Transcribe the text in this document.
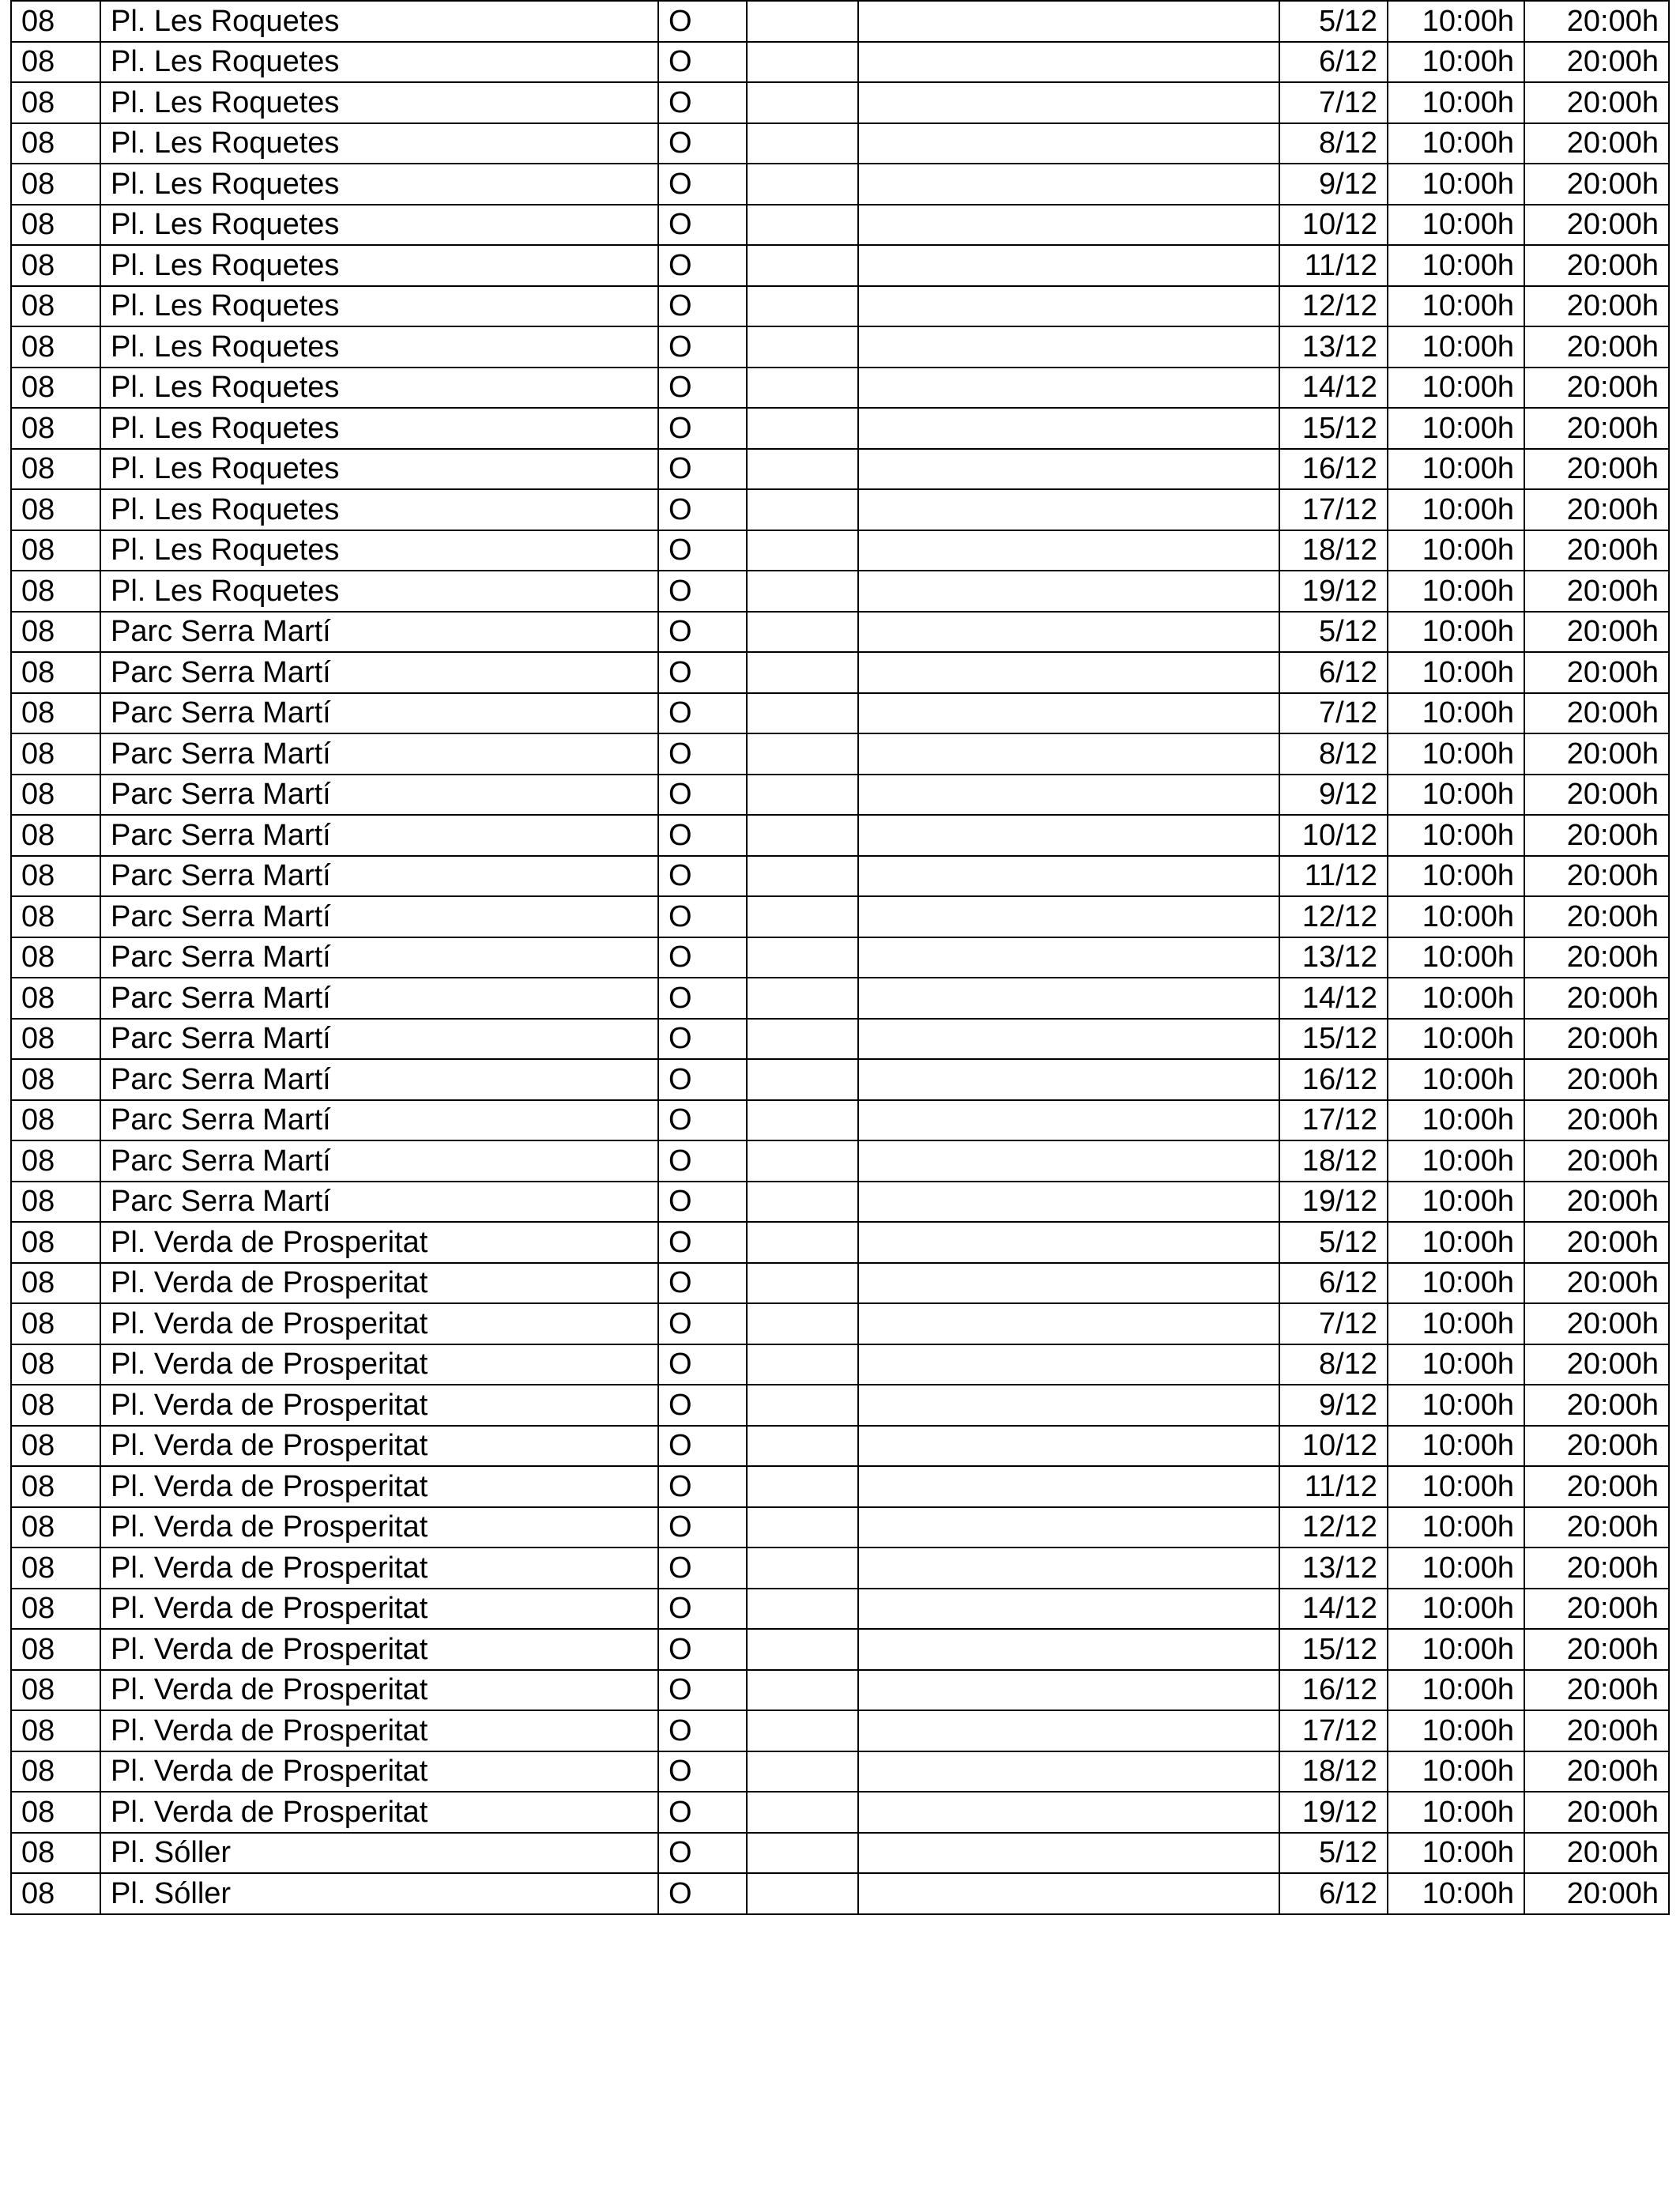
08	Pl. Les Roquetes	O			5/12	10:00h	20:00h
08	Pl. Les Roquetes	O			6/12	10:00h	20:00h
08	Pl. Les Roquetes	O			7/12	10:00h	20:00h
08	Pl. Les Roquetes	O			8/12	10:00h	20:00h
08	Pl. Les Roquetes	O			9/12	10:00h	20:00h
08	Pl. Les Roquetes	O			10/12	10:00h	20:00h
08	Pl. Les Roquetes	O			11/12	10:00h	20:00h
08	Pl. Les Roquetes	O			12/12	10:00h	20:00h
08	Pl. Les Roquetes	O			13/12	10:00h	20:00h
08	Pl. Les Roquetes	O			14/12	10:00h	20:00h
08	Pl. Les Roquetes	O			15/12	10:00h	20:00h
08	Pl. Les Roquetes	O			16/12	10:00h	20:00h
08	Pl. Les Roquetes	O			17/12	10:00h	20:00h
08	Pl. Les Roquetes	O			18/12	10:00h	20:00h
08	Pl. Les Roquetes	O			19/12	10:00h	20:00h
08	Parc Serra Martí	O			5/12	10:00h	20:00h
08	Parc Serra Martí	O			6/12	10:00h	20:00h
08	Parc Serra Martí	O			7/12	10:00h	20:00h
08	Parc Serra Martí	O			8/12	10:00h	20:00h
08	Parc Serra Martí	O			9/12	10:00h	20:00h
08	Parc Serra Martí	O			10/12	10:00h	20:00h
08	Parc Serra Martí	O			11/12	10:00h	20:00h
08	Parc Serra Martí	O			12/12	10:00h	20:00h
08	Parc Serra Martí	O			13/12	10:00h	20:00h
08	Parc Serra Martí	O			14/12	10:00h	20:00h
08	Parc Serra Martí	O			15/12	10:00h	20:00h
08	Parc Serra Martí	O			16/12	10:00h	20:00h
08	Parc Serra Martí	O			17/12	10:00h	20:00h
08	Parc Serra Martí	O			18/12	10:00h	20:00h
08	Parc Serra Martí	O			19/12	10:00h	20:00h
08	Pl. Verda de Prosperitat	O			5/12	10:00h	20:00h
08	Pl. Verda de Prosperitat	O			6/12	10:00h	20:00h
08	Pl. Verda de Prosperitat	O			7/12	10:00h	20:00h
08	Pl. Verda de Prosperitat	O			8/12	10:00h	20:00h
08	Pl. Verda de Prosperitat	O			9/12	10:00h	20:00h
08	Pl. Verda de Prosperitat	O			10/12	10:00h	20:00h
08	Pl. Verda de Prosperitat	O			11/12	10:00h	20:00h
08	Pl. Verda de Prosperitat	O			12/12	10:00h	20:00h
08	Pl. Verda de Prosperitat	O			13/12	10:00h	20:00h
08	Pl. Verda de Prosperitat	O			14/12	10:00h	20:00h
08	Pl. Verda de Prosperitat	O			15/12	10:00h	20:00h
08	Pl. Verda de Prosperitat	O			16/12	10:00h	20:00h
08	Pl. Verda de Prosperitat	O			17/12	10:00h	20:00h
08	Pl. Verda de Prosperitat	O			18/12	10:00h	20:00h
08	Pl. Verda de Prosperitat	O			19/12	10:00h	20:00h
08	Pl. Sóller	O			5/12	10:00h	20:00h
08	Pl. Sóller	O			6/12	10:00h	20:00h
